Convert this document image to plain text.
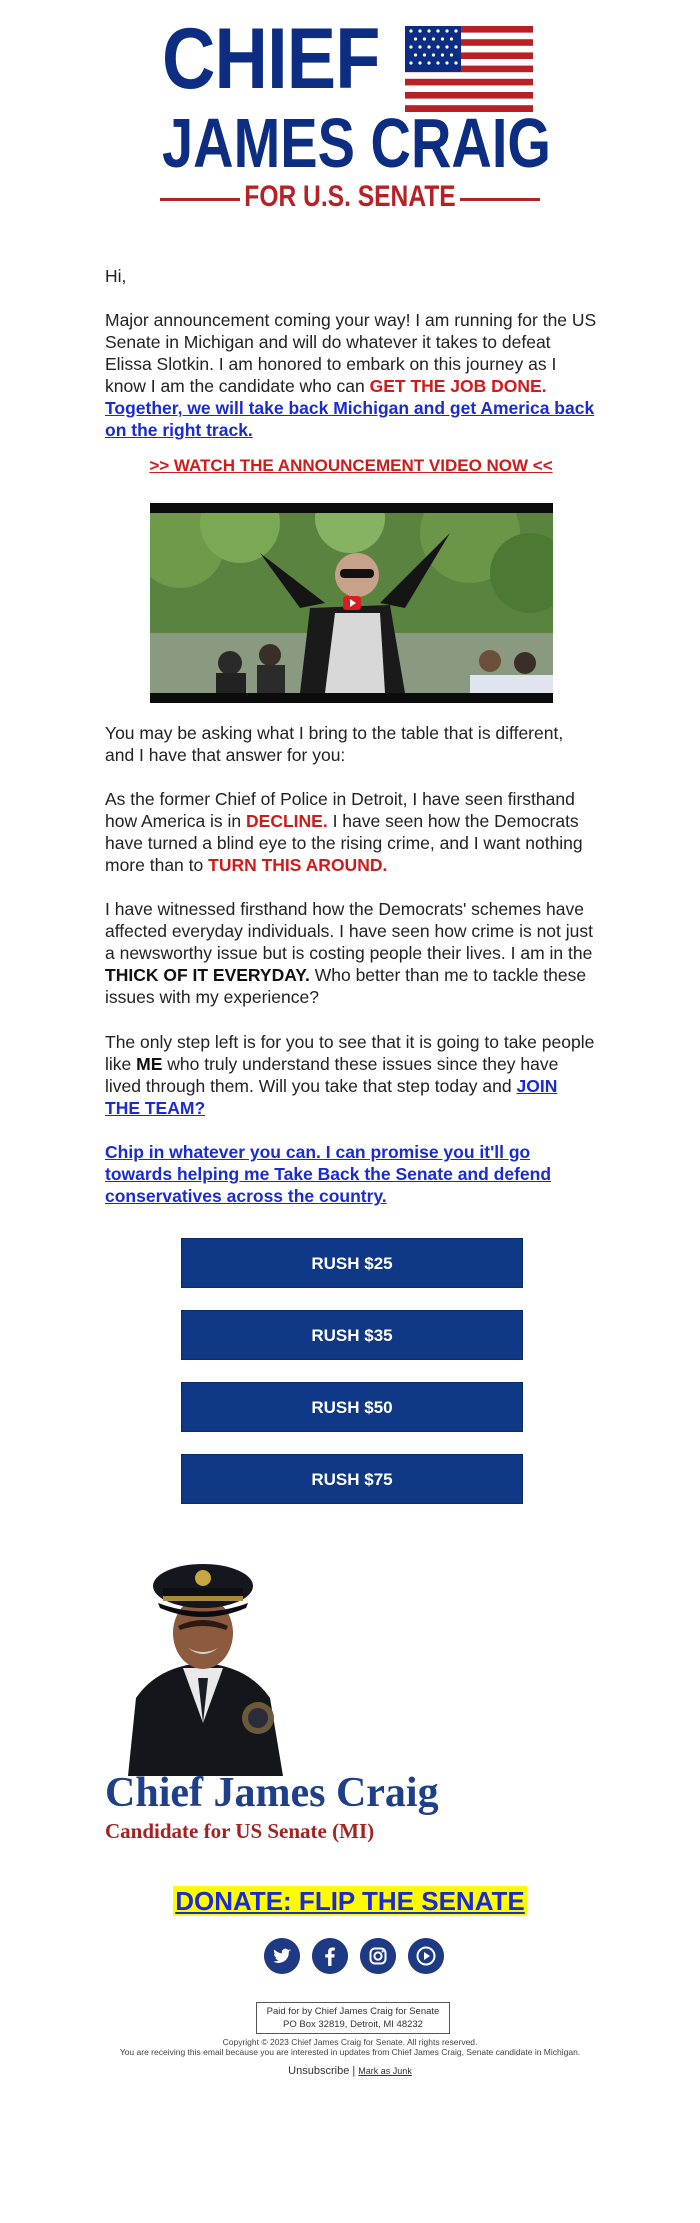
CHIEF
JAMES CRAIG
FOR U.S. SENATE

Hi,

Major announcement coming your way! I am running for the US Senate in Michigan and will do whatever it takes to defeat Elissa Slotkin. I am honored to embark on this journey as I know I am the candidate who can GET THE JOB DONE. Together, we will take back Michigan and get America back on the right track.

>> WATCH THE ANNOUNCEMENT VIDEO NOW <<

You may be asking what I bring to the table that is different, and I have that answer for you:

As the former Chief of Police in Detroit, I have seen firsthand how America is in DECLINE. I have seen how the Democrats have turned a blind eye to the rising crime, and I want nothing more than to TURN THIS AROUND.

I have witnessed firsthand how the Democrats' schemes have affected everyday individuals. I have seen how crime is not just a newsworthy issue but is costing people their lives. I am in the THICK OF IT EVERYDAY. Who better than me to tackle these issues with my experience?

The only step left is for you to see that it is going to take people like ME who truly understand these issues since they have lived through them. Will you take that step today and JOIN THE TEAM?

Chip in whatever you can. I can promise you it'll go towards helping me Take Back the Senate and defend conservatives across the country.

RUSH $25
RUSH $35
RUSH $50
RUSH $75
Chief James Craig
Candidate for US Senate (MI)
DONATE: FLIP THE SENATE
Paid for by Chief James Craig for Senate
PO Box 32819, Detroit, MI 48232
Copyright © 2023 Chief James Craig for Senate. All rights reserved.
You are receiving this email because you are interested in updates from Chief James Craig, Senate candidate in Michigan.
Unsubscribe | Mark as Junk
